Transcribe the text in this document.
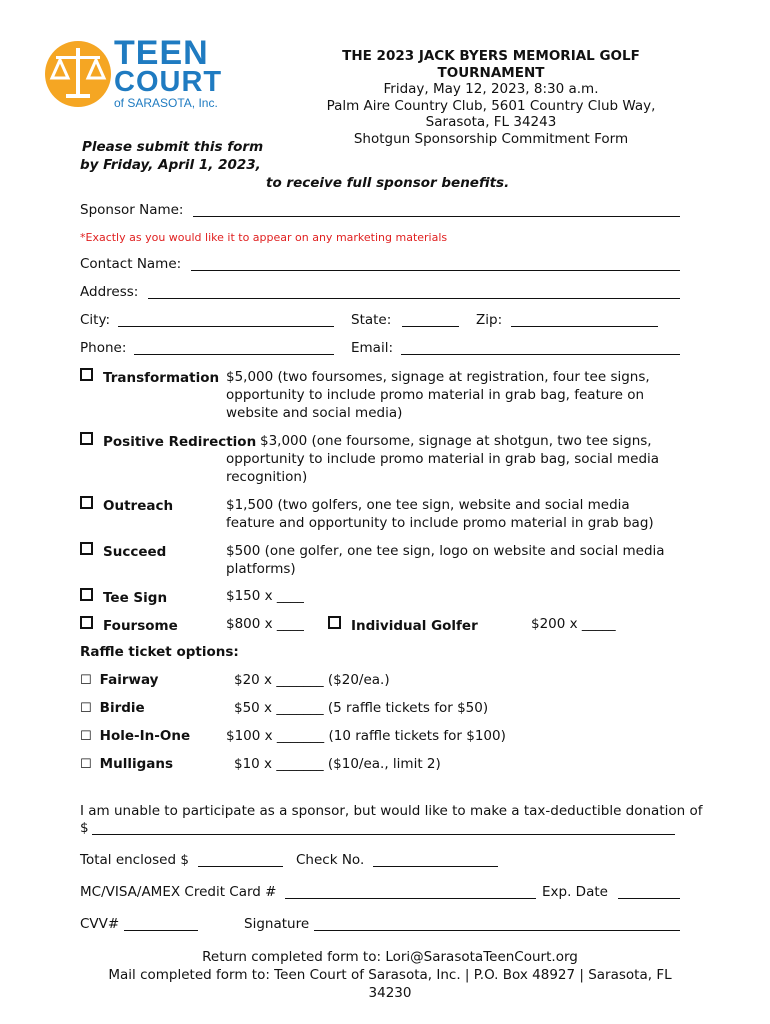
TEEN
COURT
of SARASOTA, Inc.
THE 2023 JACK BYERS MEMORIAL GOLF
TOURNAMENT
Friday, May 12, 2023, 8:30 a.m.
Palm Aire Country Club, 5601 Country Club Way,
Sarasota, FL 34243
Shotgun Sponsorship Commitment Form
Please submit this form
by Friday, April 1, 2023,
to receive full sponsor benefits.
Sponsor Name:
*Exactly as you would like it to appear on any marketing materials
Contact Name:
Address:
City:	State:	Zip:
Phone:	Email:
Transformation $5,000 (two foursomes, signage at registration, four tee signs,
opportunity to include promo material in grab bag, feature on
website and social media)
Positive Redirection $3,000 (one foursome, signage at shotgun, two tee signs,
opportunity to include promo material in grab bag, social media
recognition)
Outreach	$1,500 (two golfers, one tee sign, website and social media
feature and opportunity to include promo material in grab bag)
Succeed	$500 (one golfer, one tee sign, logo on website and social media
platforms)
Tee Sign	$150 x ____
Foursome	$800 x ____	Individual Golfer	$200 x _____
Raffle ticket options:
☐ Fairway	$20 x _______ ($20/ea.)
☐ Birdie	$50 x _______ (5 raffle tickets for $50)
☐ Hole-In-One	$100 x _______ (10 raffle tickets for $100)
☐ Mulligans	$10 x _______ ($10/ea., limit 2)
I am unable to participate as a sponsor, but would like to make a tax-deductible donation of
$
Total enclosed $	Check No.
MC/VISA/AMEX Credit Card #	Exp. Date
CVV#	Signature
Return completed form to: Lori@SarasotaTeenCourt.org
Mail completed form to: Teen Court of Sarasota, Inc. | P.O. Box 48927 | Sarasota, FL
34230
